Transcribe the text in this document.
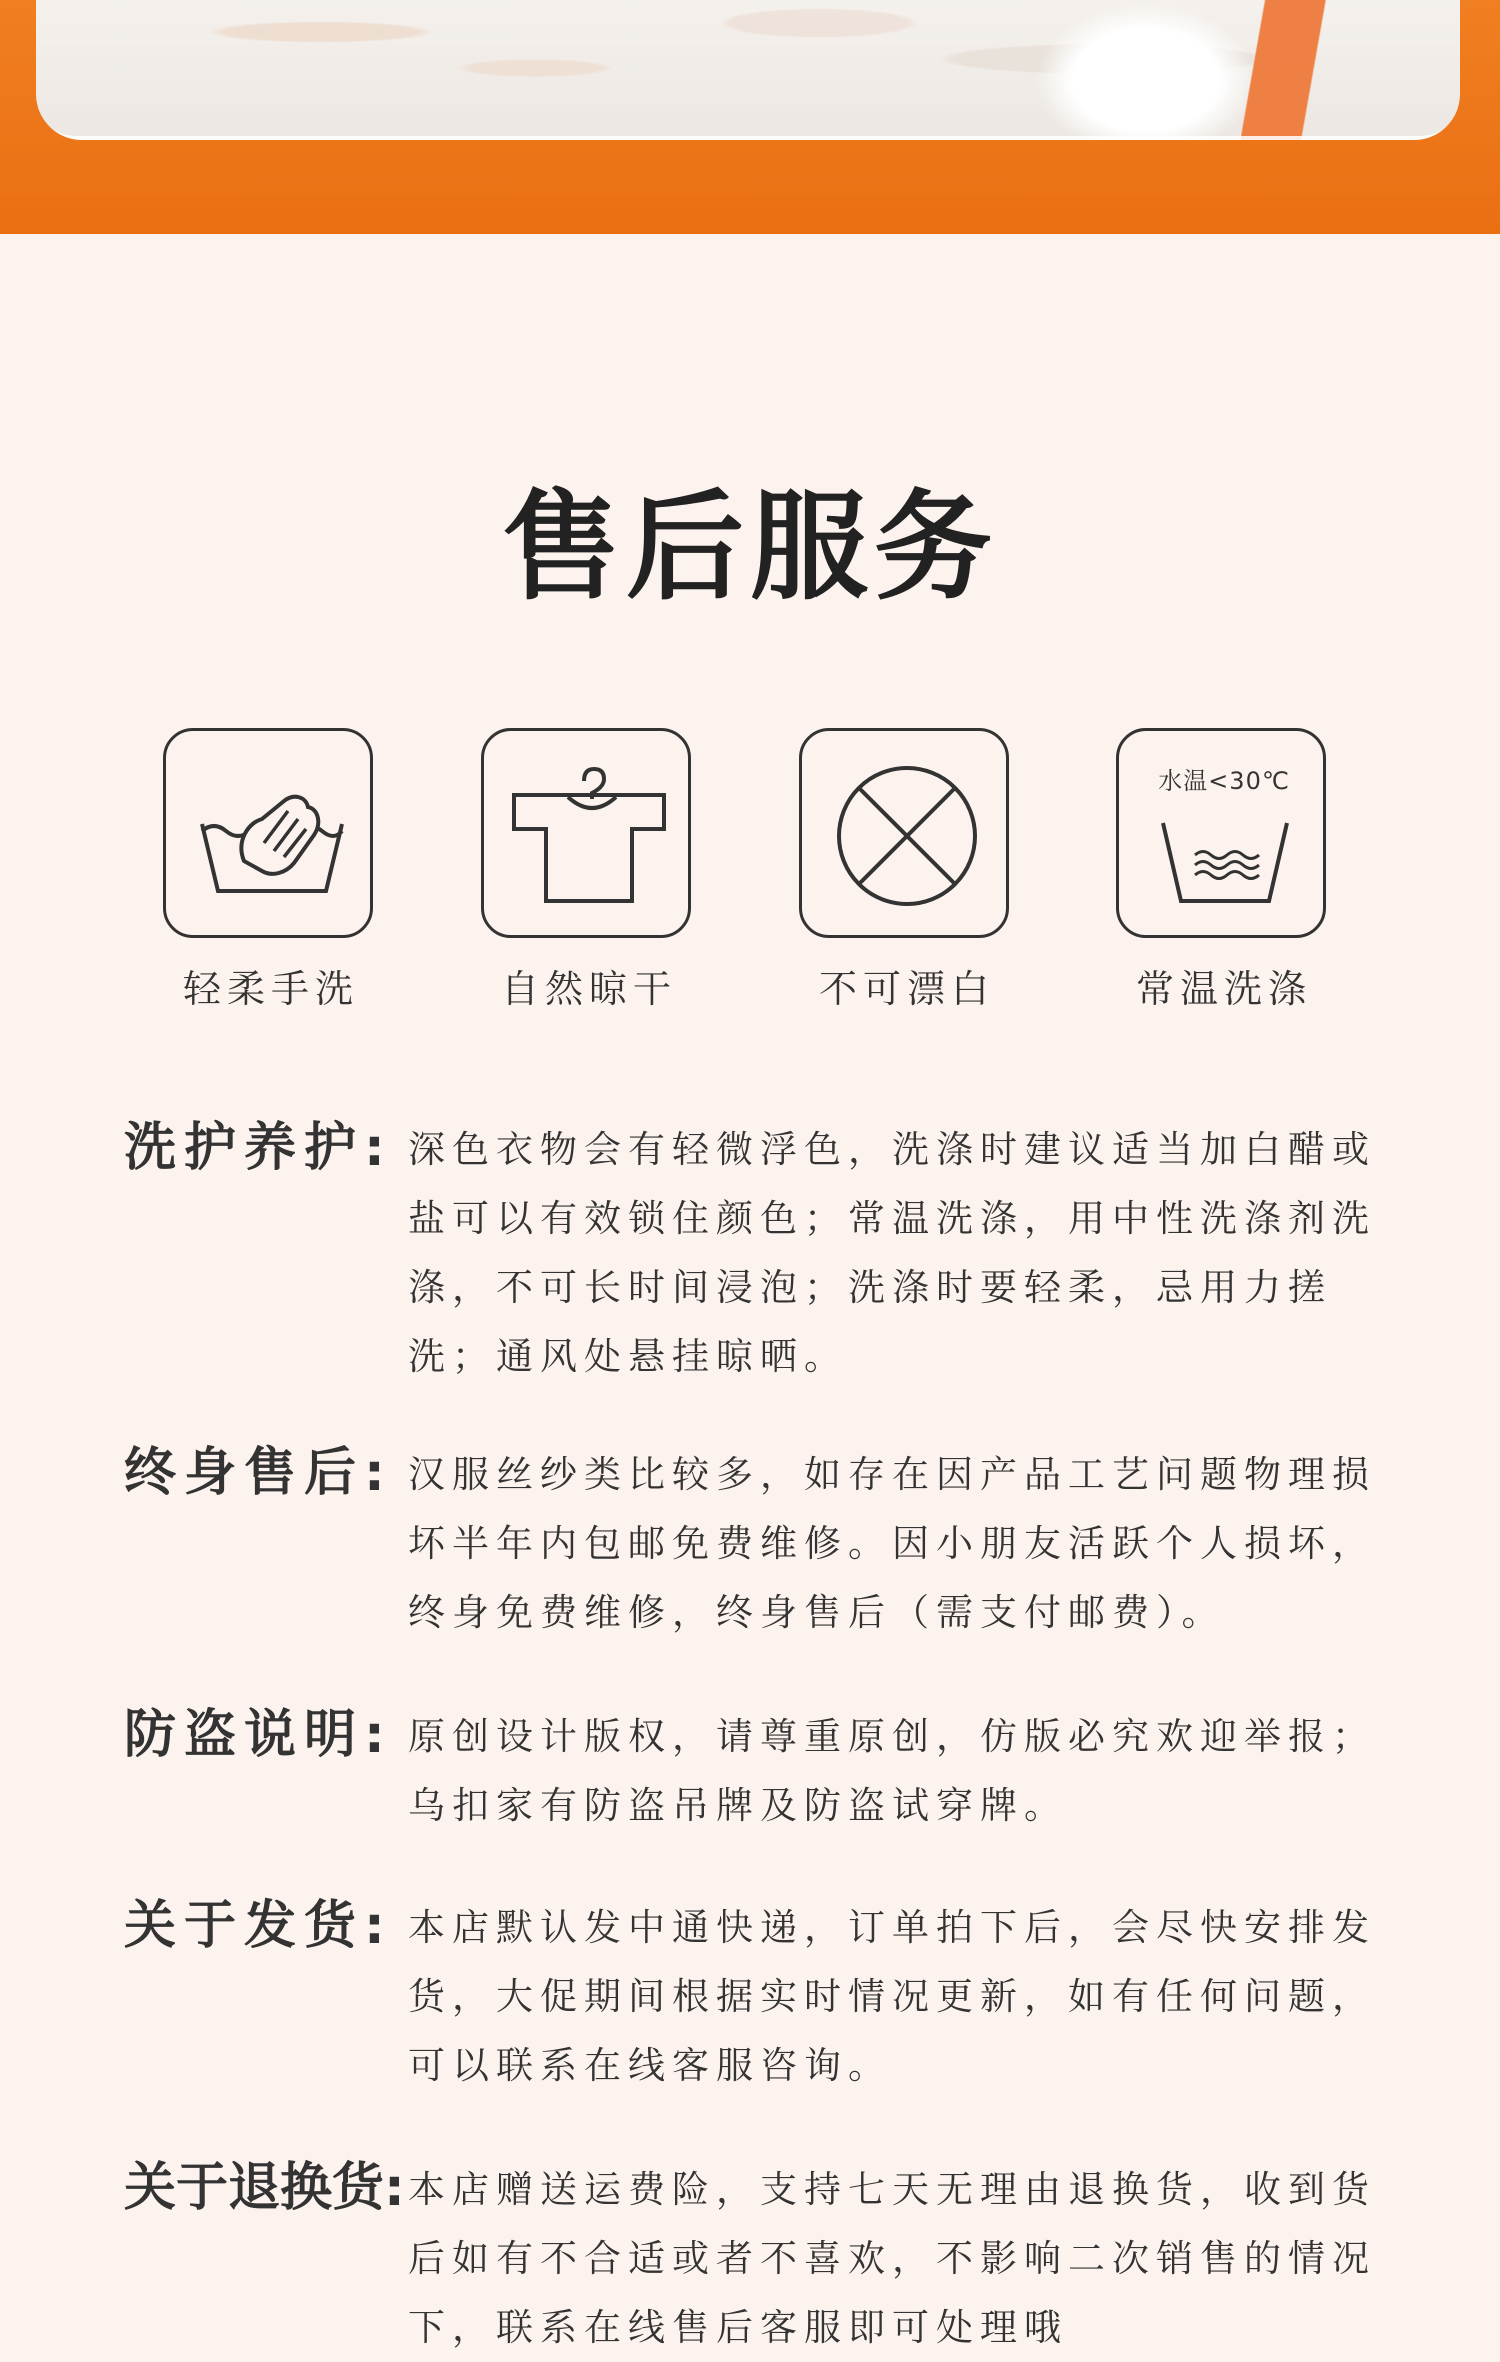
售后服务
轻柔手洗	自然晾干	不可漂白
水温<30℃
常温洗涤
洗护养护: 深色衣物会有轻微浮色，洗涤时建议适当加白醋或盐可以有效锁住颜色；常温洗涤，用中性洗涤剂洗涤，不可长时间浸泡；洗涤时要轻柔，忌用力搓洗；通风处悬挂晾晒。
终身售后: 汉服丝纱类比较多，如存在因产品工艺问题物理损坏半年内包邮免费维修。因小朋友活跃个人损坏，终身免费维修，终身售后（需支付邮费）。
防盗说明: 原创设计版权，请尊重原创，仿版必究欢迎举报；乌扣家有防盗吊牌及防盗试穿牌。
关于发货: 本店默认发中通快递，订单拍下后，会尽快安排发货，大促期间根据实时情况更新，如有任何问题，可以联系在线客服咨询。
关于退换货: 本店赠送运费险，支持七天无理由退换货，收到货后如有不合适或者不喜欢，不影响二次销售的情况下，联系在线售后客服即可处理哦
